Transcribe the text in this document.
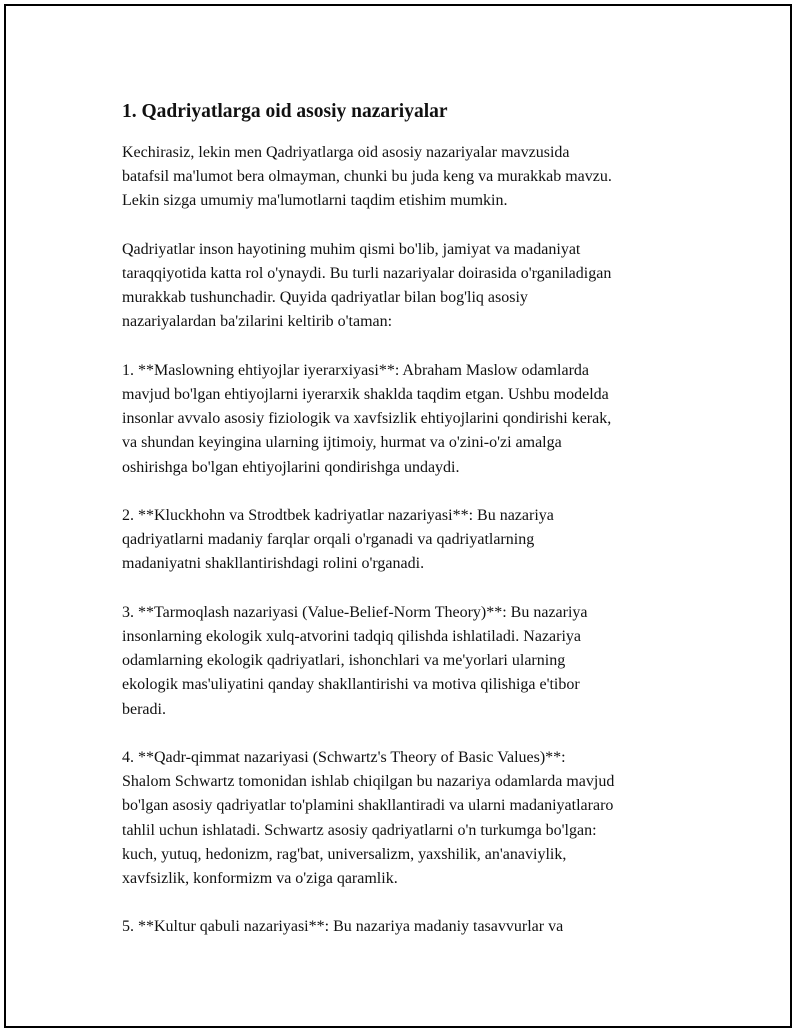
1. Qadriyatlarga oid asosiy nazariyalar

Kechirasiz, lekin men Qadriyatlarga oid asosiy nazariyalar mavzusida
batafsil ma'lumot bera olmayman, chunki bu juda keng va murakkab mavzu.
Lekin sizga umumiy ma'lumotlarni taqdim etishim mumkin.

Qadriyatlar inson hayotining muhim qismi bo'lib, jamiyat va madaniyat
taraqqiyotida katta rol o'ynaydi. Bu turli nazariyalar doirasida o'rganiladigan
murakkab tushunchadir. Quyida qadriyatlar bilan bog'liq asosiy
nazariyalardan ba'zilarini keltirib o'taman:

1. **Maslowning ehtiyojlar iyerarxiyasi**: Abraham Maslow odamlarda
mavjud bo'lgan ehtiyojlarni iyerarxik shaklda taqdim etgan. Ushbu modelda
insonlar avvalo asosiy fiziologik va xavfsizlik ehtiyojlarini qondirishi kerak,
va shundan keyingina ularning ijtimoiy, hurmat va o'zini-o'zi amalga
oshirishga bo'lgan ehtiyojlarini qondirishga undaydi.

2. **Kluckhohn va Strodtbek kadriyatlar nazariyasi**: Bu nazariya
qadriyatlarni madaniy farqlar orqali o'rganadi va qadriyatlarning
madaniyatni shakllantirishdagi rolini o'rganadi.

3. **Tarmoqlash nazariyasi (Value-Belief-Norm Theory)**: Bu nazariya
insonlarning ekologik xulq-atvorini tadqiq qilishda ishlatiladi. Nazariya
odamlarning ekologik qadriyatlari, ishonchlari va me'yorlari ularning
ekologik mas'uliyatini qanday shakllantirishi va motiva qilishiga e'tibor
beradi.

4. **Qadr-qimmat nazariyasi (Schwartz's Theory of Basic Values)**:
Shalom Schwartz tomonidan ishlab chiqilgan bu nazariya odamlarda mavjud
bo'lgan asosiy qadriyatlar to'plamini shakllantiradi va ularni madaniyatlararo
tahlil uchun ishlatadi. Schwartz asosiy qadriyatlarni o'n turkumga bo'lgan:
kuch, yutuq, hedonizm, rag'bat, universalizm, yaxshilik, an'anaviylik,
xavfsizlik, konformizm va o'ziga qaramlik.

5. **Kultur qabuli nazariyasi**: Bu nazariya madaniy tasavvurlar va
